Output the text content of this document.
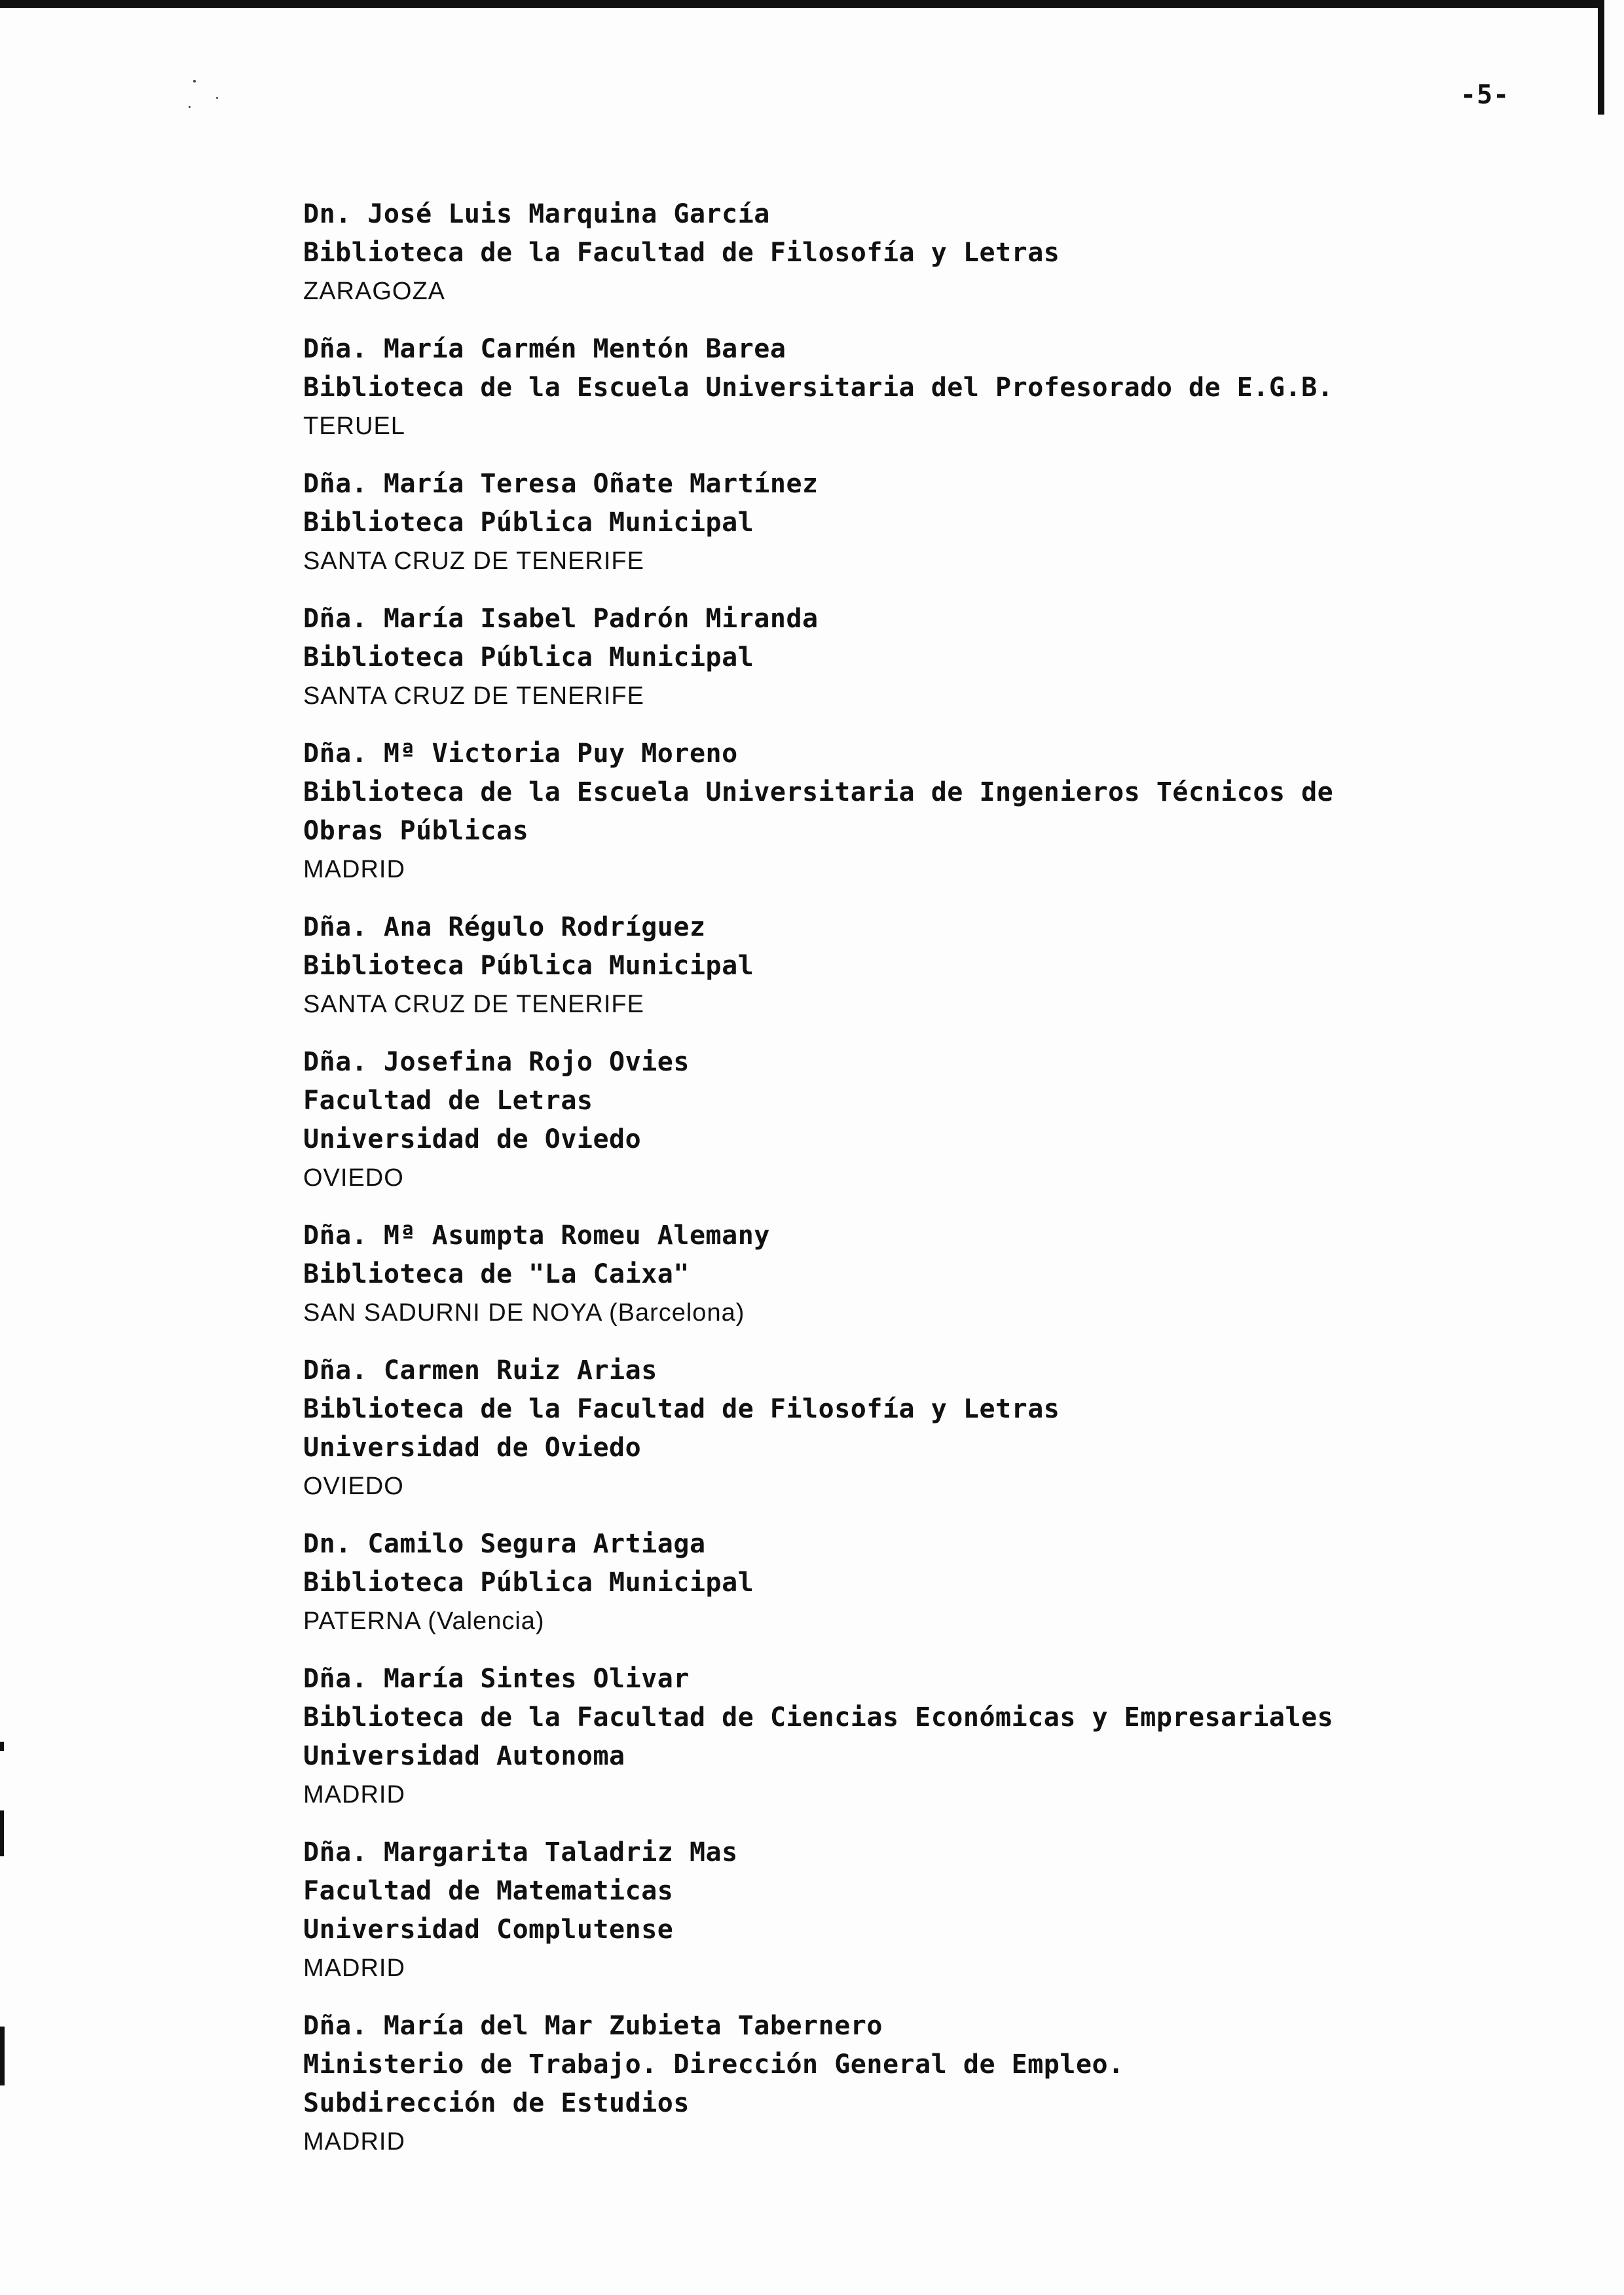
-5-
Dn. José Luis Marquina García
Biblioteca de la Facultad de Filosofía y Letras
ZARAGOZA
Dña. María Carmén Mentón Barea
Biblioteca de la Escuela Universitaria del Profesorado de E.G.B.
TERUEL
Dña. María Teresa Oñate Martínez
Biblioteca Pública Municipal
SANTA CRUZ DE TENERIFE
Dña. María Isabel Padrón Miranda
Biblioteca Pública Municipal
SANTA CRUZ DE TENERIFE
Dña. Mª Victoria Puy Moreno
Biblioteca de la Escuela Universitaria de Ingenieros Técnicos de
Obras Públicas
MADRID
Dña. Ana Régulo Rodríguez
Biblioteca Pública Municipal
SANTA CRUZ DE TENERIFE
Dña. Josefina Rojo Ovies
Facultad de Letras
Universidad de Oviedo
OVIEDO
Dña. Mª Asumpta Romeu Alemany
Biblioteca de "La Caixa"
SAN SADURNI DE NOYA (Barcelona)
Dña. Carmen Ruiz Arias
Biblioteca de la Facultad de Filosofía y Letras
Universidad de Oviedo
OVIEDO
Dn. Camilo Segura Artiaga
Biblioteca Pública Municipal
PATERNA (Valencia)
Dña. María Sintes Olivar
Biblioteca de la Facultad de Ciencias Económicas y Empresariales
Universidad Autonoma
MADRID
Dña. Margarita Taladriz Mas
Facultad de Matematicas
Universidad Complutense
MADRID
Dña. María del Mar Zubieta Tabernero
Ministerio de Trabajo. Dirección General de Empleo.
Subdirección de Estudios
MADRID
